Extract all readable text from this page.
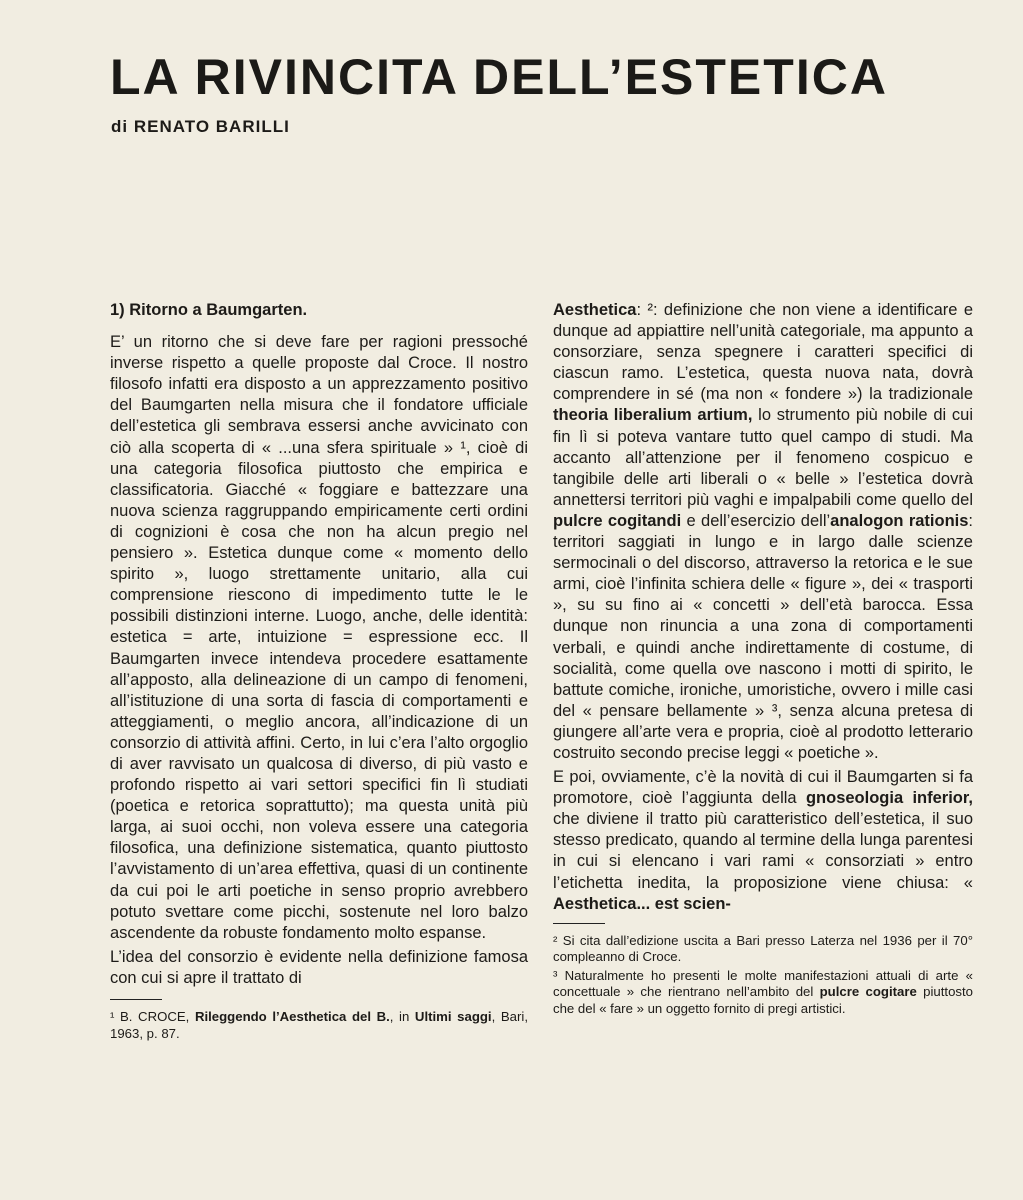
LA RIVINCITA DELL’ESTETICA
di RENATO BARILLI

1) Ritorno a Baumgarten.

E’ un ritorno che si deve fare per ragioni pressoché inverse rispetto a quelle proposte dal Croce. Il nostro filosofo infatti era disposto a un apprezzamento positivo del Baumgarten nella misura che il fondatore ufficiale dell’estetica gli sembrava essersi anche avvicinato con ciò alla scoperta di « ...una sfera spirituale » ¹, cioè di una categoria filosofica piuttosto che empirica e classificatoria. Giacché « foggiare e battezzare una nuova scienza raggruppando empiricamente certi ordini di cognizioni è cosa che non ha alcun pregio nel pensiero ». Estetica dunque come « momento dello spirito », luogo strettamente unitario, alla cui comprensione riescono di impedimento tutte le le possibili distinzioni interne. Luogo, anche, delle identità: estetica = arte, intuizione = espressione ecc. Il Baumgarten invece intendeva procedere esattamente all’apposto, alla delineazione di un campo di fenomeni, all’istituzione di una sorta di fascia di comportamenti e atteggiamenti, o meglio ancora, all’indicazione di un consorzio di attività affini. Certo, in lui c’era l’alto orgoglio di aver ravvisato un qualcosa di diverso, di più vasto e profondo rispetto ai vari settori specifici fin lì studiati (poetica e retorica soprattutto); ma questa unità più larga, ai suoi occhi, non voleva essere una categoria filosofica, una definizione sistematica, quanto piuttosto l’avvistamento di un’area effettiva, quasi di un continente da cui poi le arti poetiche in senso proprio avrebbero potuto svettare come picchi, sostenute nel loro balzo ascendente da robuste fondamento molto espanse.

L’idea del consorzio è evidente nella definizione famosa con cui si apre il trattato di

¹ B. CROCE, Rileggendo l’Aesthetica del B., in Ultimi saggi, Bari, 1963, p. 87.

Aesthetica: ²: definizione che non viene a identificare e dunque ad appiattire nell’unità categoriale, ma appunto a consorziare, senza spegnere i caratteri specifici di ciascun ramo. L’estetica, questa nuova nata, dovrà comprendere in sé (ma non « fondere ») la tradizionale theoria liberalium artium, lo strumento più nobile di cui fin lì si poteva vantare tutto quel campo di studi. Ma accanto all’attenzione per il fenomeno cospicuo e tangibile delle arti liberali o « belle » l’estetica dovrà annettersi territori più vaghi e impalpabili come quello del pulcre cogitandi e dell’esercizio dell’analogon rationis: territori saggiati in lungo e in largo dalle scienze sermocinali o del discorso, attraverso la retorica e le sue armi, cioè l’infinita schiera delle « figure », dei « trasporti », su su fino ai « concetti » dell’età barocca. Essa dunque non rinuncia a una zona di comportamenti verbali, e quindi anche indirettamente di costume, di socialità, come quella ove nascono i motti di spirito, le battute comiche, ironiche, umoristiche, ovvero i mille casi del « pensare bellamente » ³, senza alcuna pretesa di giungere all’arte vera e propria, cioè al prodotto letterario costruito secondo precise leggi « poetiche ».

E poi, ovviamente, c’è la novità di cui il Baumgarten si fa promotore, cioè l’aggiunta della gnoseologia inferior, che diviene il tratto più caratteristico dell’estetica, il suo stesso predicato, quando al termine della lunga parentesi in cui si elencano i vari rami « consorziati » entro l’etichetta inedita, la proposizione viene chiusa: « Aesthetica... est scien-

² Si cita dall’edizione uscita a Bari presso Laterza nel 1936 per il 70° compleanno di Croce.

³ Naturalmente ho presenti le molte manifestazioni attuali di arte « concettuale » che rientrano nell’ambito del pulcre cogitare piuttosto che del « fare » un oggetto fornito di pregi artistici.
